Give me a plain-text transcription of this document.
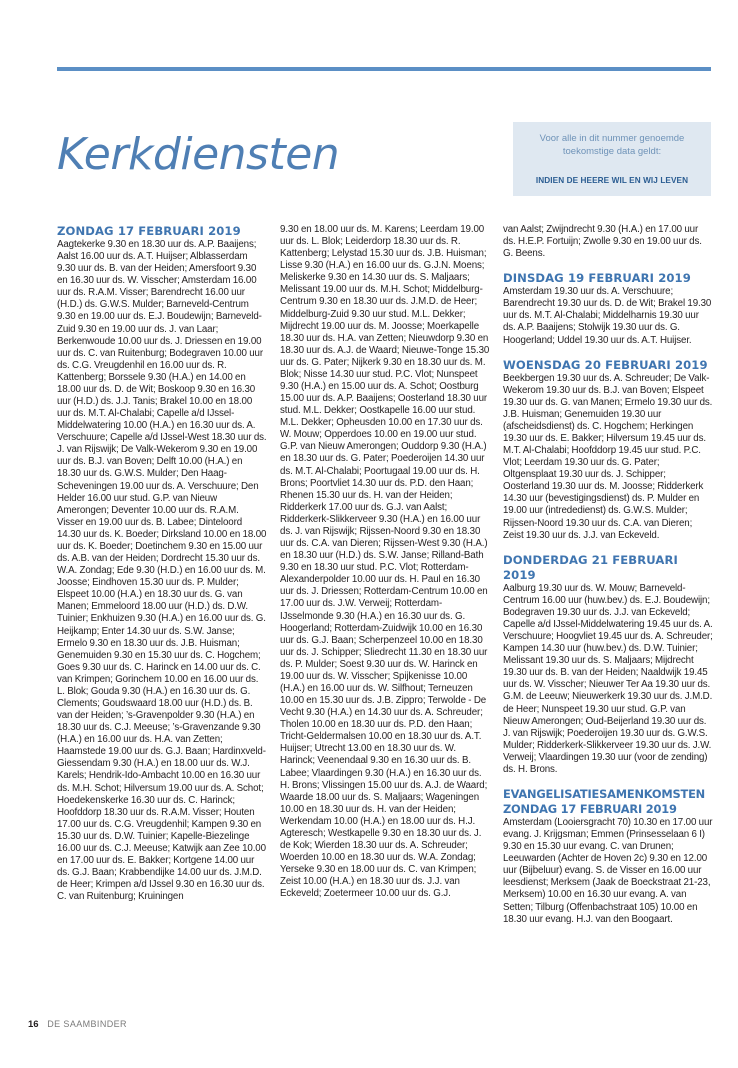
Kerkdiensten	Voor alle in dit nummer genoemde toekomstige data geldt:
INDIEN DE HEERE WIL EN WIJ LEVEN
ZONDAG 17 FEBRUARI 2019
Aagtekerke 9.30 en 18.30 uur ds. A.P. Baaijens; Aalst 16.00 uur ds. A.T. Huijser; Alblasserdam 9.30 uur ds. B. van der Heiden; Amersfoort 9.30 en 16.30 uur ds. W. Visscher; Amsterdam 16.00 uur ds. R.A.M. Visser; Barendrecht 16.00 uur (H.D.) ds. G.W.S. Mulder; Barneveld-Centrum 9.30 en 19.00 uur ds. E.J. Boudewijn; Barneveld-Zuid 9.30 en 19.00 uur ds. J. van Laar; Berkenwoude 10.00 uur ds. J. Driessen en 19.00 uur ds. C. van Ruitenburg; Bodegraven 10.00 uur ds. C.G. Vreugdenhil en 16.00 uur ds. R. Kattenberg; Borssele 9.30 (H.A.) en 14.00 en 18.00 uur ds. D. de Wit; Boskoop 9.30 en 16.30 uur (H.D.) ds. J.J. Tanis; Brakel 10.00 en 18.00 uur ds. M.T. Al-Chalabi; Capelle a/d IJssel-Middelwatering 10.00 (H.A.) en 16.30 uur ds. A. Verschuure; Capelle a/d IJssel-West 18.30 uur ds. J. van Rijswijk; De Valk-Wekerom 9.30 en 19.00 uur ds. B.J. van Boven; Delft 10.00 (H.A.) en 18.30 uur ds. G.W.S. Mulder; Den Haag-Scheveningen 19.00 uur ds. A. Verschuure; Den Helder 16.00 uur stud. G.P. van Nieuw Amerongen; Deventer 10.00 uur ds. R.A.M. Visser en 19.00 uur ds. B. Labee; Dinteloord 14.30 uur ds. K. Boeder; Dirksland 10.00 en 18.00 uur ds. K. Boeder; Doetinchem 9.30 en 15.00 uur ds. A.B. van der Heiden; Dordrecht 15.30 uur ds. W.A. Zondag; Ede 9.30 (H.D.) en 16.00 uur ds. M. Joosse; Eindhoven 15.30 uur ds. P. Mulder; Elspeet 10.00 (H.A.) en 18.30 uur ds. G. van Manen; Emmeloord 18.00 uur (H.D.) ds. D.W. Tuinier; Enkhuizen 9.30 (H.A.) en 16.00 uur ds. G. Heijkamp; Enter 14.30 uur ds. S.W. Janse; Ermelo 9.30 en 18.30 uur ds. J.B. Huisman; Genemuiden 9.30 en 15.30 uur ds. C. Hogchem; Goes 9.30 uur ds. C. Harinck en 14.00 uur ds. C. van Krimpen; Gorinchem 10.00 en 16.00 uur ds. L. Blok; Gouda 9.30 (H.A.) en 16.30 uur ds. G. Clements; Goudswaard 18.00 uur (H.D.) ds. B. van der Heiden; ’s-Gravenpolder 9.30 (H.A.) en 18.30 uur ds. C.J. Meeuse; ’s-Gravenzande 9.30 (H.A.) en 16.00 uur ds. H.A. van Zetten; Haamstede 19.00 uur ds. G.J. Baan; Hardinxveld-Giessendam 9.30 (H.A.) en 18.00 uur ds. W.J. Karels; Hendrik-Ido-Ambacht 10.00 en 16.30 uur ds. M.H. Schot; Hilversum 19.00 uur ds. A. Schot; Hoedekenskerke 16.30 uur ds. C. Harinck; Hoofddorp 18.30 uur ds. R.A.M. Visser; Houten 17.00 uur ds. C.G. Vreugdenhil; Kampen 9.30 en 15.30 uur ds. D.W. Tuinier; Kapelle-Biezelinge 16.00 uur ds. C.J. Meeuse; Katwijk aan Zee 10.00 en 17.00 uur ds. E. Bakker; Kortgene 14.00 uur ds. G.J. Baan; Krabbendijke 14.00 uur ds. J.M.D. de Heer; Krimpen a/d IJssel 9.30 en 16.30 uur ds. C. van Ruitenburg; Kruiningen
9.30 en 18.00 uur ds. M. Karens; Leerdam 19.00 uur ds. L. Blok; Leiderdorp 18.30 uur ds. R. Kattenberg; Lelystad 15.30 uur ds. J.B. Huisman; Lisse 9.30 (H.A.) en 16.00 uur ds. G.J.N. Moens; Meliskerke 9.30 en 14.30 uur ds. S. Maljaars; Melissant 19.00 uur ds. M.H. Schot; Middelburg-Centrum 9.30 en 18.30 uur ds. J.M.D. de Heer; Middelburg-Zuid 9.30 uur stud. M.L. Dekker; Mijdrecht 19.00 uur ds. M. Joosse; Moerkapelle 18.30 uur ds. H.A. van Zetten; Nieuwdorp 9.30 en 18.30 uur ds. A.J. de Waard; Nieuwe-Tonge 15.30 uur ds. G. Pater; Nijkerk 9.30 en 18.30 uur ds. M. Blok; Nisse 14.30 uur stud. P.C. Vlot; Nunspeet 9.30 (H.A.) en 15.00 uur ds. A. Schot; Oostburg 15.00 uur ds. A.P. Baaijens; Oosterland 18.30 uur stud. M.L. Dekker; Oostkapelle 16.00 uur stud. M.L. Dekker; Opheusden 10.00 en 17.30 uur ds. W. Mouw; Opperdoes 10.00 en 19.00 uur stud. G.P. van Nieuw Amerongen; Ouddorp 9.30 (H.A.) en 18.30 uur ds. G. Pater; Poederoijen 14.30 uur ds. M.T. Al-Chalabi; Poortugaal 19.00 uur ds. H. Brons; Poortvliet 14.30 uur ds. P.D. den Haan; Rhenen 15.30 uur ds. H. van der Heiden; Ridderkerk 17.00 uur ds. G.J. van Aalst; Ridderkerk-Slikkerveer 9.30 (H.A.) en 16.00 uur ds. J. van Rijswijk; Rijssen-Noord 9.30 en 18.30 uur ds. C.A. van Dieren; Rijssen-West 9.30 (H.A.) en 18.30 uur (H.D.) ds. S.W. Janse; Rilland-Bath 9.30 en 18.30 uur stud. P.C. Vlot; Rotterdam-Alexanderpolder 10.00 uur ds. H. Paul en 16.30 uur ds. J. Driessen; Rotterdam-Centrum 10.00 en 17.00 uur ds. J.W. Verweij; Rotterdam-IJsselmonde 9.30 (H.A.) en 16.30 uur ds. G. Hoogerland; Rotterdam-Zuidwijk 10.00 en 16.30 uur ds. G.J. Baan; Scherpenzeel 10.00 en 18.30 uur ds. J. Schipper; Sliedrecht 11.30 en 18.30 uur ds. P. Mulder; Soest 9.30 uur ds. W. Harinck en 19.00 uur ds. W. Visscher; Spijkenisse 10.00 (H.A.) en 16.00 uur ds. W. Silfhout; Terneuzen 10.00 en 15.30 uur ds. J.B. Zippro; Terwolde - De Vecht 9.30 (H.A.) en 14.30 uur ds. A. Schreuder; Tholen 10.00 en 18.30 uur ds. P.D. den Haan; Tricht-Geldermalsen 10.00 en 18.30 uur ds. A.T. Huijser; Utrecht 13.00 en 18.30 uur ds. W. Harinck; Veenendaal 9.30 en 16.30 uur ds. B. Labee; Vlaardingen 9.30 (H.A.) en 16.30 uur ds. H. Brons; Vlissingen 15.00 uur ds. A.J. de Waard; Waarde 18.00 uur ds. S. Maljaars; Wageningen 10.00 en 18.30 uur ds. H. van der Heiden; Werkendam 10.00 (H.A.) en 18.00 uur ds. H.J. Agteresch; Westkapelle 9.30 en 18.30 uur ds. J. de Kok; Wierden 18.30 uur ds. A. Schreuder; Woerden 10.00 en 18.30 uur ds. W.A. Zondag; Yerseke 9.30 en 18.00 uur ds. C. van Krimpen; Zeist 10.00 (H.A.) en 18.30 uur ds. J.J. van Eckeveld; Zoetermeer 10.00 uur ds. G.J.
van Aalst; Zwijndrecht 9.30 (H.A.) en 17.00 uur ds. H.E.P. Fortuijn; Zwolle 9.30 en 19.00 uur ds. G. Beens.
DINSDAG 19 FEBRUARI 2019
Amsterdam 19.30 uur ds. A. Verschuure; Barendrecht 19.30 uur ds. D. de Wit; Brakel 19.30 uur ds. M.T. Al-Chalabi; Middelharnis 19.30 uur ds. A.P. Baaijens; Stolwijk 19.30 uur ds. G. Hoogerland; Uddel 19.30 uur ds. A.T. Huijser.
WOENSDAG 20 FEBRUARI 2019
Beekbergen 19.30 uur ds. A. Schreuder; De Valk-Wekerom 19.30 uur ds. B.J. van Boven; Elspeet 19.30 uur ds. G. van Manen; Ermelo 19.30 uur ds. J.B. Huisman; Genemuiden 19.30 uur (afscheidsdienst) ds. C. Hogchem; Herkingen 19.30 uur ds. E. Bakker; Hilversum 19.45 uur ds. M.T. Al-Chalabi; Hoofddorp 19.45 uur stud. P.C. Vlot; Leerdam 19.30 uur ds. G. Pater; Oltgensplaat 19.30 uur ds. J. Schipper; Oosterland 19.30 uur ds. M. Joosse; Ridderkerk 14.30 uur (bevestigingsdienst) ds. P. Mulder en 19.00 uur (intrededienst) ds. G.W.S. Mulder; Rijssen-Noord 19.30 uur ds. C.A. van Dieren; Zeist 19.30 uur ds. J.J. van Eckeveld.
DONDERDAG 21 FEBRUARI 2019
Aalburg 19.30 uur ds. W. Mouw; Barneveld-Centrum 16.00 uur (huw.bev.) ds. E.J. Boudewijn; Bodegraven 19.30 uur ds. J.J. van Eckeveld; Capelle a/d IJssel-Middelwatering 19.45 uur ds. A. Verschuure; Hoogvliet 19.45 uur ds. A. Schreuder; Kampen 14.30 uur (huw.bev.) ds. D.W. Tuinier; Melissant 19.30 uur ds. S. Maljaars; Mijdrecht 19.30 uur ds. B. van der Heiden; Naaldwijk 19.45 uur ds. W. Visscher; Nieuwer Ter Aa 19.30 uur ds. G.M. de Leeuw; Nieuwerkerk 19.30 uur ds. J.M.D. de Heer; Nunspeet 19.30 uur stud. G.P. van Nieuw Amerongen; Oud-Beijerland 19.30 uur ds. J. van Rijswijk; Poederoijen 19.30 uur ds. G.W.S. Mulder; Ridderkerk-Slikkerveer 19.30 uur ds. J.W. Verweij; Vlaardingen 19.30 uur (voor de zending) ds. H. Brons.
EVANGELISATIESAMENKOMSTEN ZONDAG 17 FEBRUARI 2019
Amsterdam (Looiersgracht 70) 10.30 en 17.00 uur evang. J. Krijgsman; Emmen (Prinsesselaan 6 I) 9.30 en 15.30 uur evang. C. van Drunen; Leeuwarden (Achter de Hoven 2c) 9.30 en 12.00 uur (Bijbeluur) evang. S. de Visser en 16.00 uur leesdienst; Merksem (Jaak de Boeckstraat 21-23, Merksem) 10.00 en 16.30 uur evang. A. van Setten; Tilburg (Offenbachstraat 105) 10.00 en 18.30 uur evang. H.J. van den Boogaart.
16 DE SAAMBINDER
